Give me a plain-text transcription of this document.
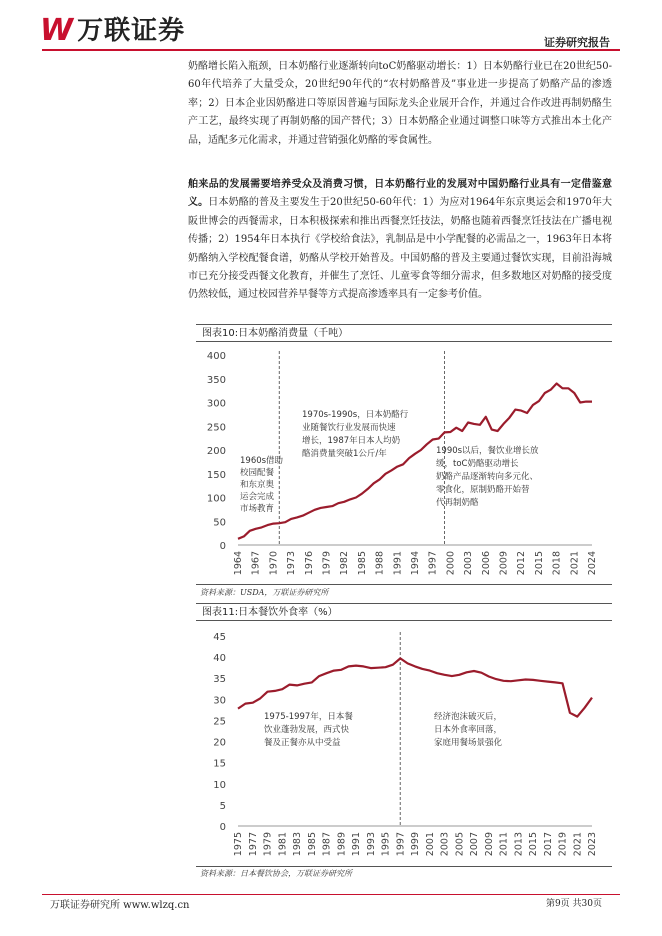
W 万联证券	证券研究报告
奶酪增长陷入瓶颈，日本奶酪行业逐渐转向toC奶酪驱动增长：1）日本奶酪行业已在20世纪50-60年代培养了大量受众，20世纪90年代的“农村奶酪普及”事业进一步提高了奶酪产品的渗透率；2）日本企业因奶酪进口等原因普遍与国际龙头企业展开合作，并通过合作改进再制奶酪生产工艺，最终实现了再制奶酪的国产替代；3）日本奶酪企业通过调整口味等方式推出本土化产品，适配多元化需求，并通过营销强化奶酪的零食属性。
舶来品的发展需要培养受众及消费习惯，日本奶酪行业的发展对中国奶酪行业具有一定借鉴意义。日本奶酪的普及主要发生于20世纪50-60年代：1）为应对1964年东京奥运会和1970年大阪世博会的西餐需求，日本积极探索和推出西餐烹饪技法，奶酪也随着西餐烹饪技法在广播电视传播；2）1954年日本执行《学校给食法》，乳制品是中小学配餐的必需品之一，1963年日本将奶酪纳入学校配餐食谱，奶酪从学校开始普及。中国奶酪的普及主要通过餐饮实现，目前沿海城市已充分接受西餐文化教育，并催生了烹饪、儿童零食等细分需求，但多数地区对奶酪的接受度仍然较低，通过校园营养早餐等方式提高渗透率具有一定参考价值。
图表10:日本奶酪消费量（千吨）
0
50
100
150
200
250
300
350
400
1964 1967 1970 1973 1976 1979 1982 1985 1988 1991 1994 1997 2000 2003 2006 2009 2012 2015 2018 2021 2024
1960s借助
校园配餐
和东京奥
运会完成
市场教育
1970s-1990s，日本奶酪行
业随餐饮行业发展而快速
增长，1987年日本人均奶
酪消费量突破1公斤/年	1990s以后，餐饮业增长放
缓，toC奶酪驱动增长
奶酪产品逐渐转向多元化、
零食化，原制奶酪开始替
代再制奶酪
资料来源：USDA，万联证券研究所
图表11:日本餐饮外食率（%）
0
5
10
15
20
25
30
35
40
45
1975 1977 1979 1981 1983 1985 1987 1989 1991 1993 1995 1997 1999 2001 2003 2005 2007 2009 2011 2013 2015 2017 2019 2021 2023
1975-1997年，日本餐
饮业蓬勃发展，西式快
餐及正餐亦从中受益
经济泡沫破灭后，
日本外食率回落，
家庭用餐场景强化
资料来源：日本餐饮协会，万联证券研究所
万联证券研究所 www.wlzq.cn	第9页 共30页
